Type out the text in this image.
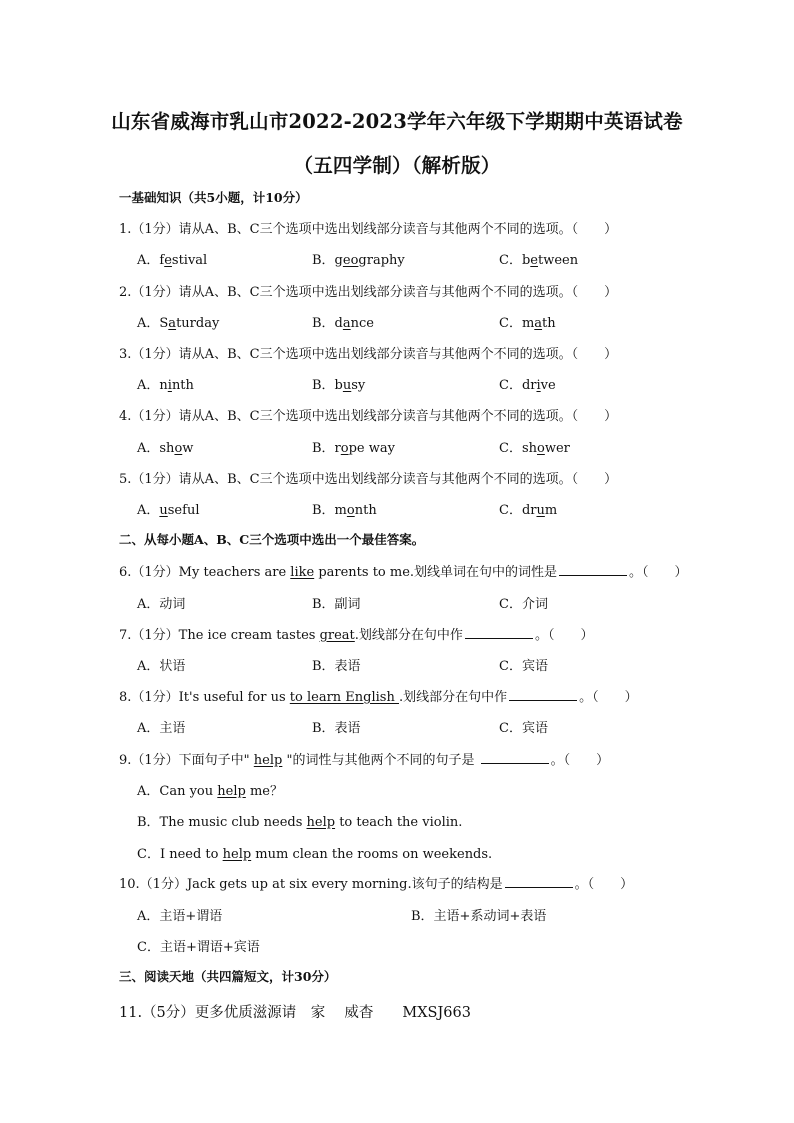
山东省威海市乳山市2022-2023学年六年级下学期期中英语试卷
（五四学制）（解析版）
一基础知识（共5小题，计10分）
1.（1分）请从A、B、C三个选项中选出划线部分读音与其他两个不同的选项。（　　）
A．festival	B．geography	C．between
2.（1分）请从A、B、C三个选项中选出划线部分读音与其他两个不同的选项。（　　）
A．Saturday	B．dance	C．math
3.（1分）请从A、B、C三个选项中选出划线部分读音与其他两个不同的选项。（　　）
A．ninth	B．busy	C．drive
4.（1分）请从A、B、C三个选项中选出划线部分读音与其他两个不同的选项。（　　）
A．show	B．rope way	C．shower
5.（1分）请从A、B、C三个选项中选出划线部分读音与其他两个不同的选项。（　　）
A．useful	B．month	C．drum
二、从每小题A、B、C三个选项中选出一个最佳答案。
6.（1分）My teachers are like parents to me.划线单词在句中的词性是	。（　　）
A．动词	B．副词	C．介词
7.（1分）The ice cream tastes great.划线部分在句中作	。（　　）
A．状语	B．表语	C．宾语
8.（1分）It's useful for us to learn English .划线部分在句中作	。（　　）
A．主语	B．表语	C．宾语
9.（1分）下面句子中" help "的词性与其他两个不同的句子是	。（　　）
A．Can you help me？
B．The music club needs help to teach the violin.
C．I need to help mum clean the rooms on weekends.
10.（1分）Jack gets up at six every morning.该句子的结构是	。（　　）
A．主语+谓语	B．主语+系动词+表语
C．主语+谓语+宾语
三、阅读天地（共四篇短文，计30分）
11.（5分）更多优质滋源请　家　 威杳　　MXSJ663
